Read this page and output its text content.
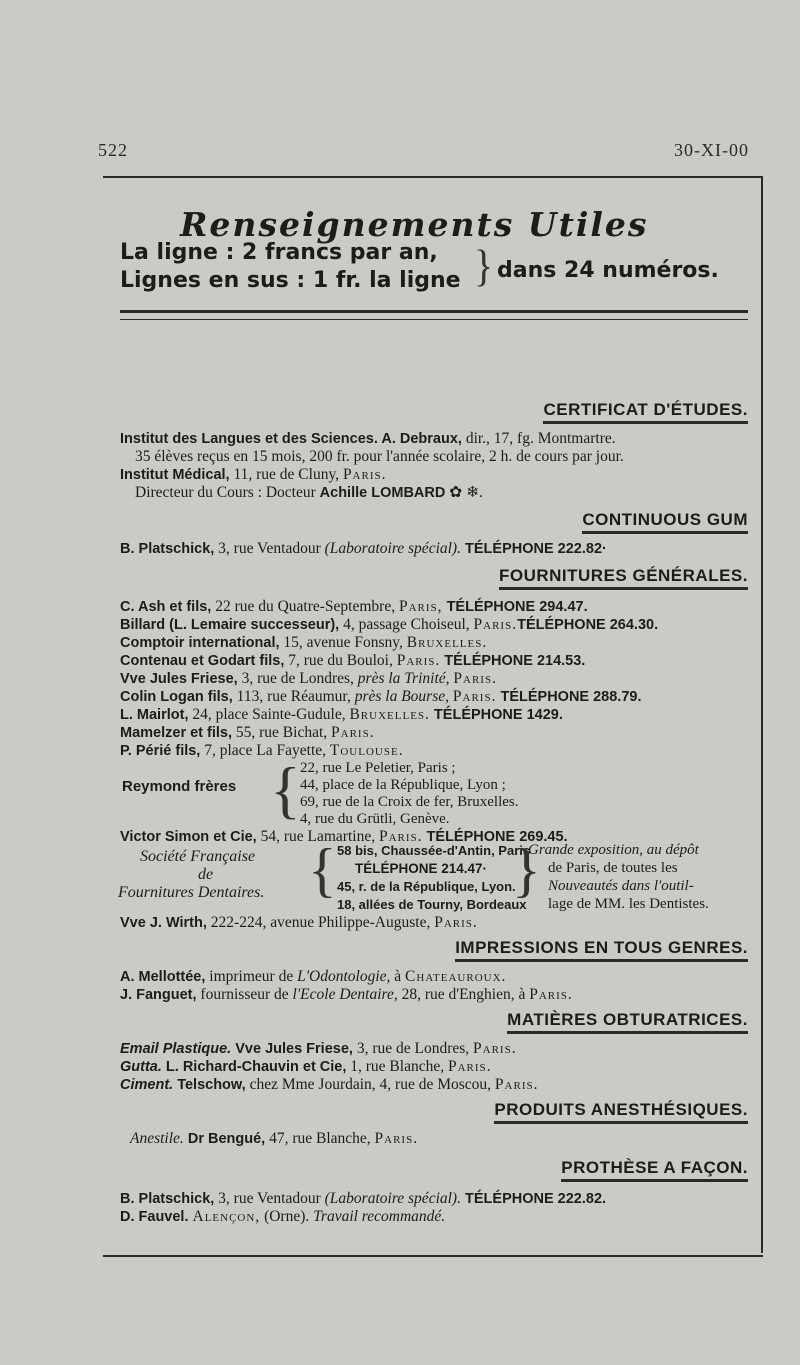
522	30-XI-00
Renseignements Utiles
La ligne : 2 francs par an,
Lignes en sus : 1 fr. la ligne } dans 24 numéros.
CERTIFICAT D'ÉTUDES.
Institut des Langues et des Sciences. A. Debraux, dir., 17, fg. Montmartre.
35 élèves reçus en 15 mois, 200 fr. pour l'année scolaire, 2 h. de cours par jour.
Institut Médical, 11, rue de Cluny, Paris.
Directeur du Cours : Docteur Achille LOMBARD ✿ ❄.
CONTINUOUS GUM
B. Platschick, 3, rue Ventadour (Laboratoire spécial). TÉLÉPHONE 222.82·
FOURNITURES GÉNÉRALES.
C. Ash et fils, 22 rue du Quatre-Septembre, Paris, TÉLÉPHONE 294.47.
Billard (L. Lemaire successeur), 4, passage Choiseul, Paris.TÉLÉPHONE 264.30.
Comptoir international, 15, avenue Fonsny, Bruxelles.
Contenau et Godart fils, 7, rue du Bouloi, Paris. TÉLÉPHONE 214.53.
Vve Jules Friese, 3, rue de Londres, près la Trinité, Paris.
Colin Logan fils, 113, rue Réaumur, près la Bourse, Paris. TÉLÉPHONE 288.79.
L. Mairlot, 24, place Sainte-Gudule, Bruxelles. TÉLÉPHONE 1429.
Mamelzer et fils, 55, rue Bichat, Paris.
P. Périé fils, 7, place La Fayette, Toulouse.
Reymond frères { 22, rue Le Peletier, Paris ;
44, place de la République, Lyon ;
69, rue de la Croix de fer, Bruxelles.
4, rue du Grütli, Genève.
Victor Simon et Cie, 54, rue Lamartine, Paris. TÉLÉPHONE 269.45.
Société Française
de
Fournitures Dentaires. { 58 bis, Chaussée-d'Antin, Paris
TÉLÉPHONE 214.47·
45, r. de la République, Lyon.
18, allées de Tourny, Bordeaux
}
Grande exposition, au dépôt
de Paris, de toutes les
Nouveautés dans l'outil-
lage de MM. les Dentistes.
Vve J. Wirth, 222-224, avenue Philippe-Auguste, Paris.
IMPRESSIONS EN TOUS GENRES.
A. Mellottée, imprimeur de L'Odontologie, à Chateauroux.
J. Fanguet, fournisseur de l'Ecole Dentaire, 28, rue d'Enghien, à Paris.
MATIÈRES OBTURATRICES.
Email Plastique. Vve Jules Friese, 3, rue de Londres, Paris.
Gutta. L. Richard-Chauvin et Cie, 1, rue Blanche, Paris.
Ciment. Telschow, chez Mme Jourdain, 4, rue de Moscou, Paris.
PRODUITS ANESTHÉSIQUES.
Anestile. Dr Bengué, 47, rue Blanche, Paris.
PROTHÈSE A FAÇON.
B. Platschick, 3, rue Ventadour (Laboratoire spécial). TÉLÉPHONE 222.82.
D. Fauvel. Alençon, (Orne). Travail recommandé.
